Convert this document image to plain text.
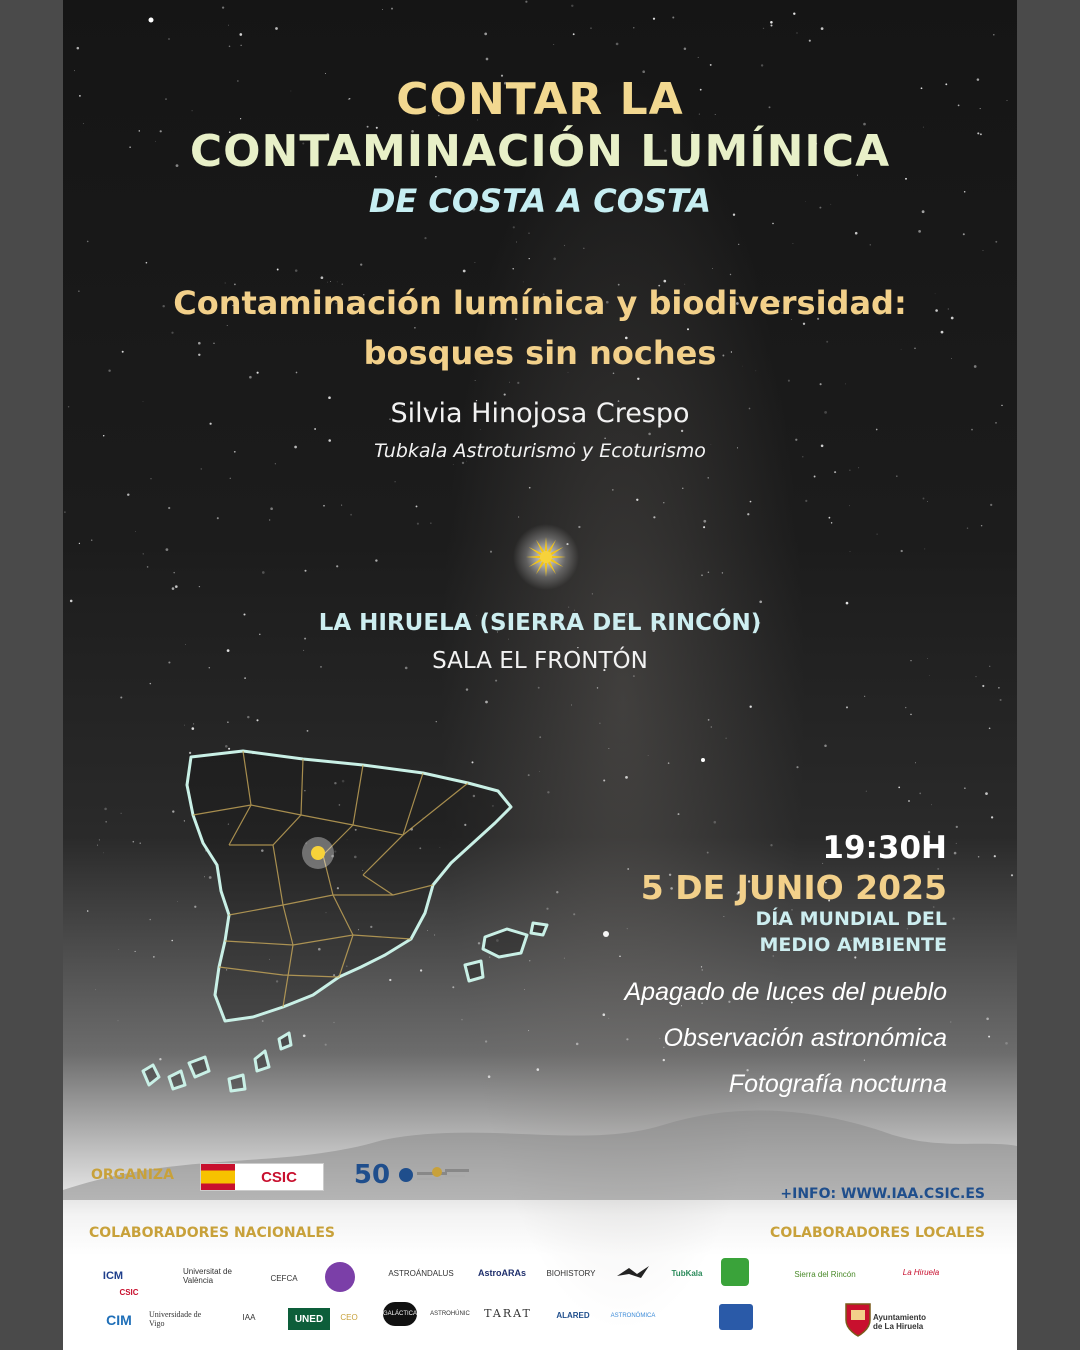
CONTAR LA

CONTAMINACIÓN LUMÍNICA

DE COSTA A COSTA

Contaminación lumínica y biodiversidad:

bosques sin noches

Silvia Hinojosa Crespo

Tubkala Astroturismo y Ecoturismo

LA HIRUELA (SIERRA DEL RINCÓN)

SALA EL FRONTÓN

19:30H

5 DE JUNIO 2025

DÍA MUNDIAL DEL
MEDIO AMBIENTE

Apagado de luces del pueblo

Observación astronómica

Fotografía nocturna

ORGANIZA	CSIC	50

+INFO: WWW.IAA.CSIC.ES

COLABORADORES NACIONALES	COLABORADORES LOCALES

ICM	Universitat de València	CEFCA
CSIC
ASTROÁNDALUS	AstroARAs	BIOHISTORY	TubKala
CIM	Universidade de Vigo
IAA	UNED	CEO	GALÁCTICA ASTROHÚNIC TARAT	ALARED	ASTRONÓMICA
Sierra del Rincón	La Hiruela
Ayuntamiento de La Hiruela
